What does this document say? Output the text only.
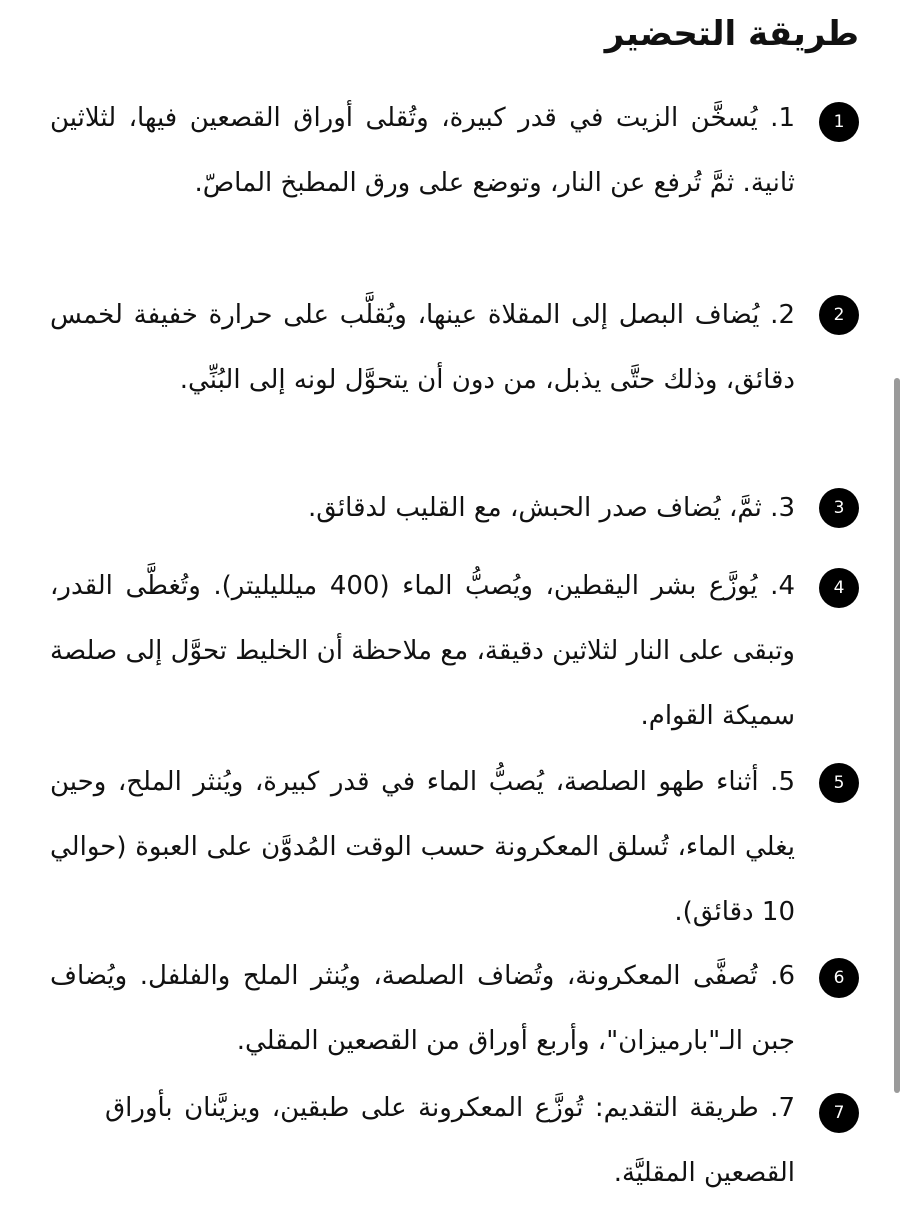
طريقة التحضير
1

1. يُسخَّن الزيت في قدر كبيرة، وتُقلى أوراق القصعين فيها، لثلاثين ثانية. ثمَّ تُرفع عن النار، وتوضع على ورق المطبخ الماصّ.

2

2. يُضاف البصل إلى المقلاة عينها، ويُقلَّب على حرارة خفيفة لخمس دقائق، وذلك حتَّى يذبل، من دون أن يتحوَّل لونه إلى البُنِّي.

3

3. ثمَّ، يُضاف صدر الحبش، مع القليب لدقائق.

4

4. يُوزَّع بشر اليقطين، ويُصبُّ الماء (400 ميلليليتر). وتُغطَّى القدر، وتبقى على النار لثلاثين دقيقة، مع ملاحظة أن الخليط تحوَّل إلى صلصة سميكة القوام.

5

5. أثناء طهو الصلصة، يُصبُّ الماء في قدر كبيرة، ويُنثر الملح، وحين يغلي الماء، تُسلق المعكرونة حسب الوقت المُدوَّن على العبوة (حوالي 10 دقائق).

6

6. تُصفَّى المعكرونة، وتُضاف الصلصة، ويُنثر الملح والفلفل. ويُضاف جبن الـ"بارميزان"، وأربع أوراق من القصعين المقلي.

7

7. طريقة التقديم: تُوزَّع المعكرونة على طبقين، ويزيَّنان بأوراق القصعين المقليَّة.
